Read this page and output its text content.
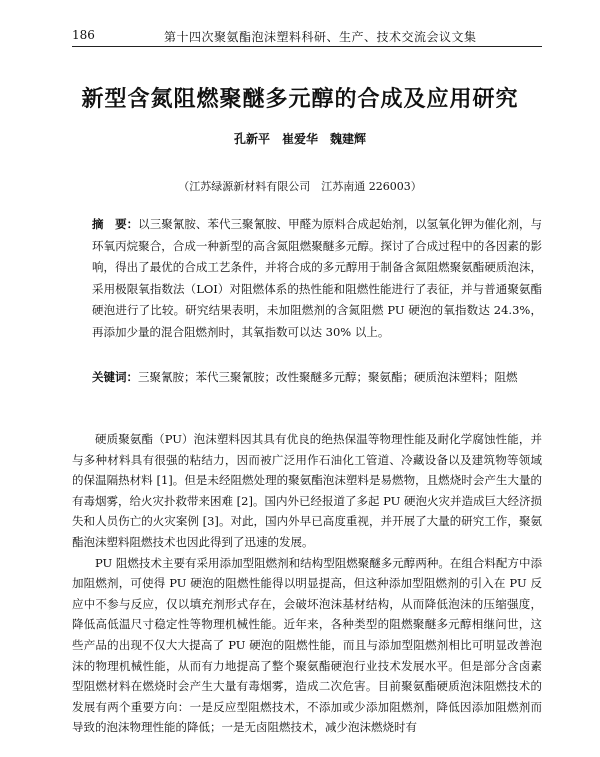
186	第十四次聚氨酯泡沫塑料科研、生产、技术交流会议文集
新型含氮阻燃聚醚多元醇的合成及应用研究
孔新平　崔爱华　魏建辉
（江苏绿源新材料有限公司　江苏南通 226003）
摘　要：以三聚氰胺、苯代三聚氰胺、甲醛为原料合成起始剂，以氢氧化钾为催化剂，与环氧丙烷聚合，合成一种新型的高含氮阻燃聚醚多元醇。探讨了合成过程中的各因素的影响，得出了最优的合成工艺条件，并将合成的多元醇用于制备含氮阻燃聚氨酯硬质泡沫，采用极限氧指数法（LOI）对阻燃体系的热性能和阻燃性能进行了表征，并与普通聚氨酯硬泡进行了比较。研究结果表明，未加阻燃剂的含氮阻燃 PU 硬泡的氧指数达 24.3%，再添加少量的混合阻燃剂时，其氧指数可以达 30% 以上。
关键词：三聚氰胺；苯代三聚氰胺；改性聚醚多元醇；聚氨酯；硬质泡沫塑料；阻燃

硬质聚氨酯（PU）泡沫塑料因其具有优良的绝热保温等物理性能及耐化学腐蚀性能，并与多种材料具有很强的粘结力，因而被广泛用作石油化工管道、冷藏设备以及建筑物等领域的保温隔热材料 [1]。但是未经阻燃处理的聚氨酯泡沫塑料是易燃物，且燃烧时会产生大量的有毒烟雾，给火灾扑救带来困难 [2]。国内外已经报道了多起 PU 硬泡火灾并造成巨大经济损失和人员伤亡的火灾案例 [3]。对此，国内外早已高度重视，并开展了大量的研究工作，聚氨酯泡沫塑料阻燃技术也因此得到了迅速的发展。

PU 阻燃技术主要有采用添加型阻燃剂和结构型阻燃聚醚多元醇两种。在组合料配方中添加阻燃剂，可使得 PU 硬泡的阻燃性能得以明显提高，但这种添加型阻燃剂的引入在 PU 反应中不参与反应，仅以填充剂形式存在，会破坏泡沫基材结构，从而降低泡沫的压缩强度，降低高低温尺寸稳定性等物理机械性能。近年来，各种类型的阻燃聚醚多元醇相继问世，这些产品的出现不仅大大提高了 PU 硬泡的阻燃性能，而且与添加型阻燃剂相比可明显改善泡沫的物理机械性能，从而有力地提高了整个聚氨酯硬泡行业技术发展水平。但是部分含卤素型阻燃材料在燃烧时会产生大量有毒烟雾，造成二次危害。目前聚氨酯硬质泡沫阻燃技术的发展有两个重要方向：一是反应型阻燃技术，不添加或少添加阻燃剂，降低因添加阻燃剂而导致的泡沫物理性能的降低；一是无卤阻燃技术，减少泡沫燃烧时有
